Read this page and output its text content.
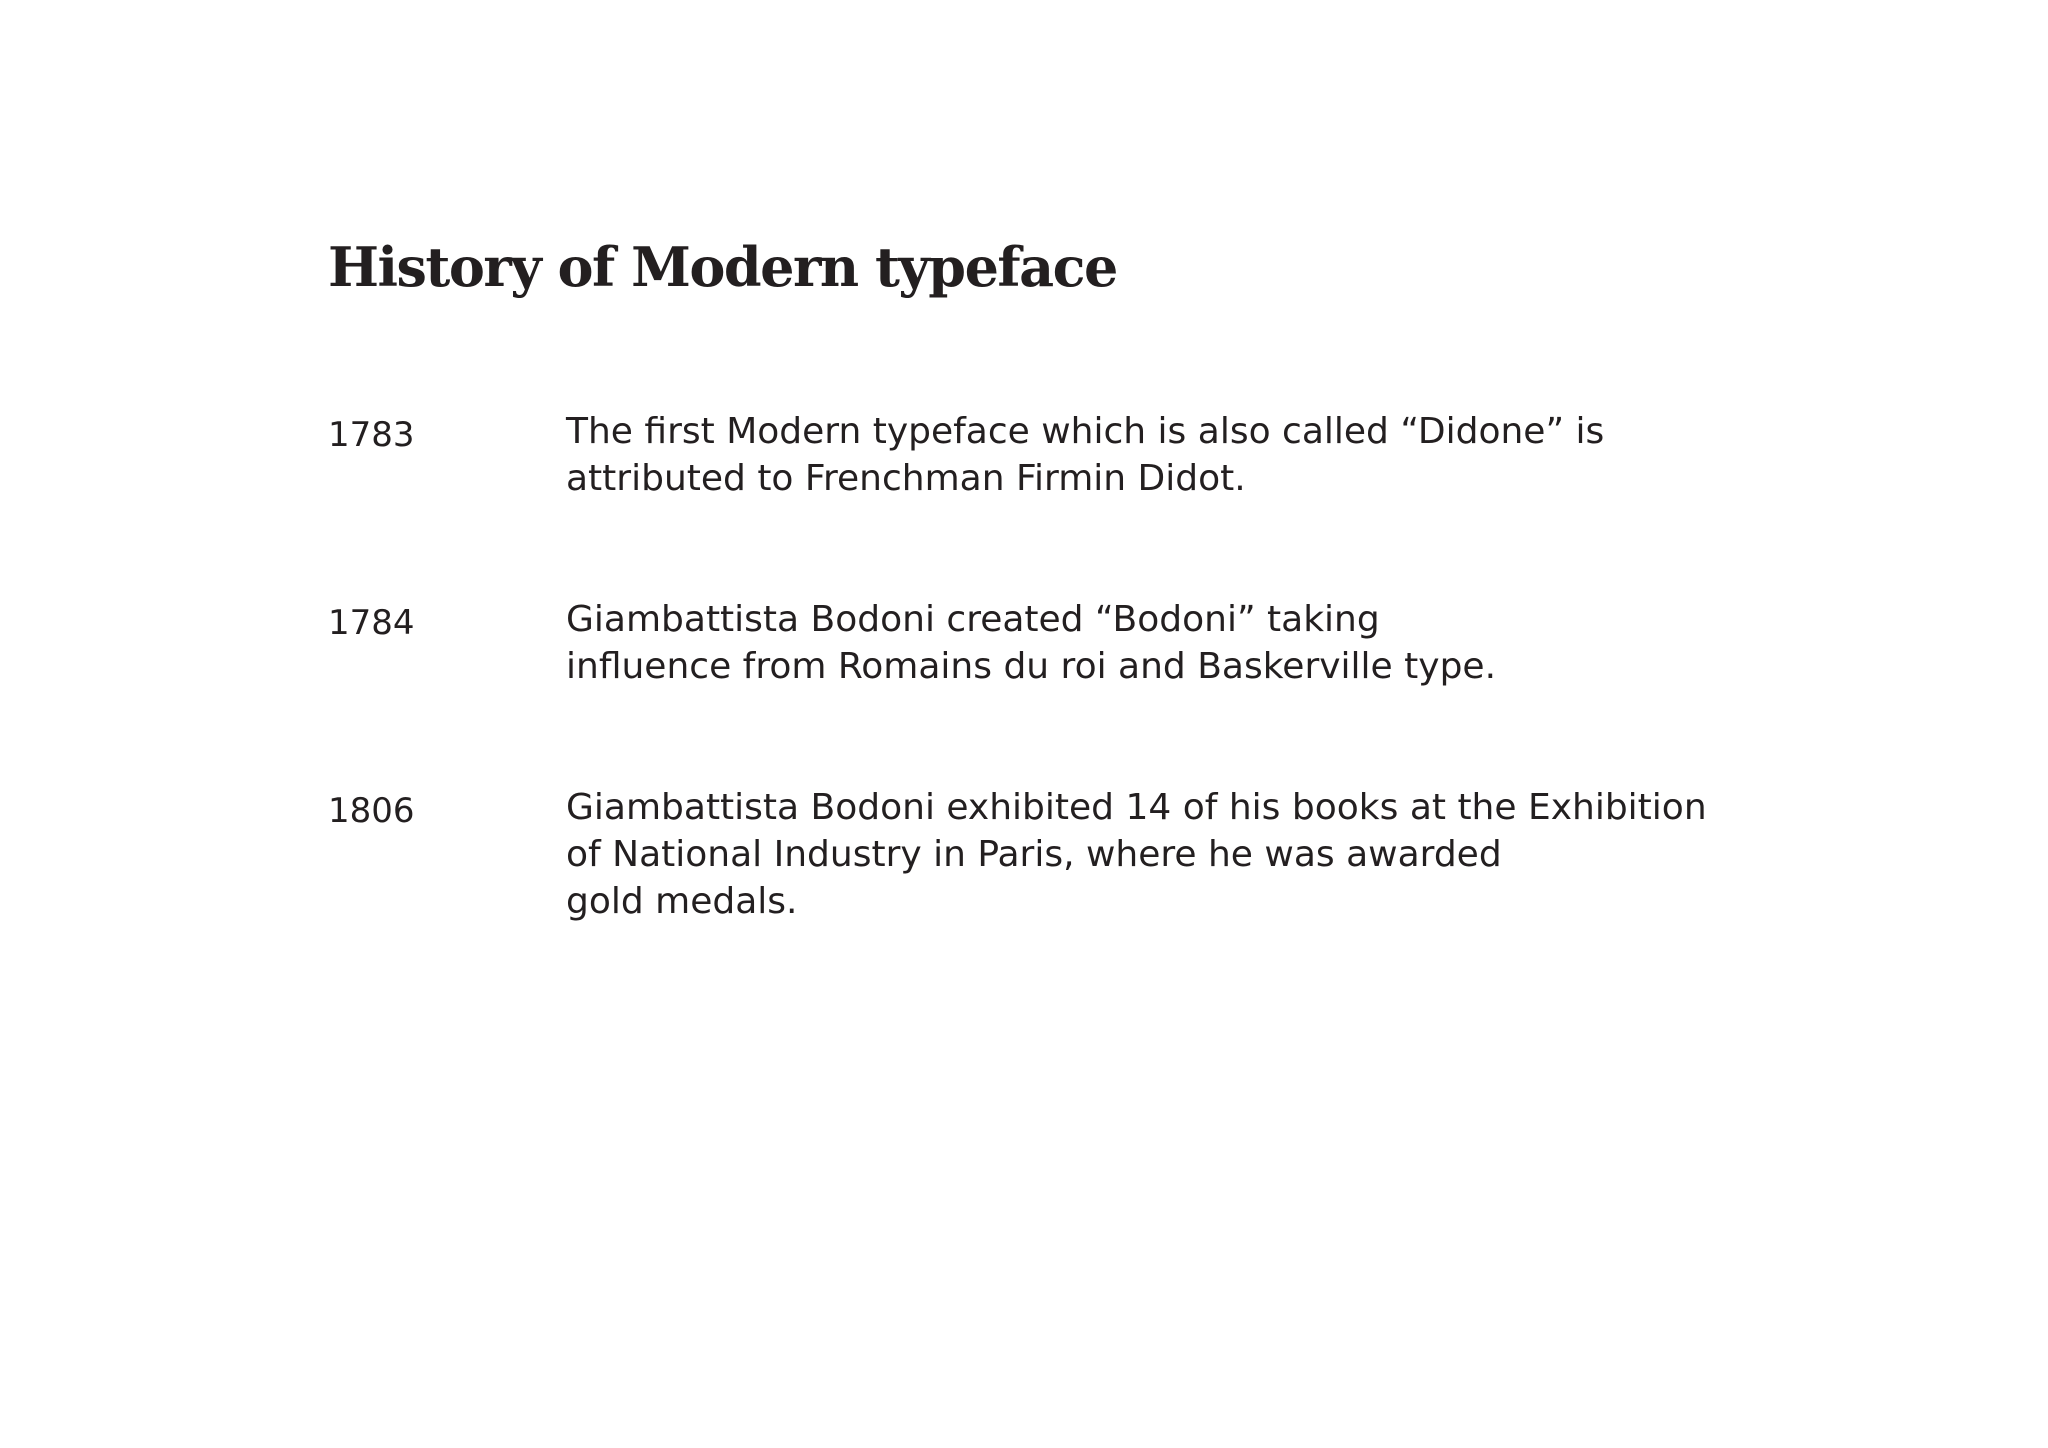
History of Modern typeface
1783	The first Modern typeface which is also called “Didone” is
attributed to Frenchman Firmin Didot.
1784	Giambattista Bodoni created “Bodoni” taking
influence from Romains du roi and Baskerville type.
1806	Giambattista Bodoni exhibited 14 of his books at the Exhibition
of National Industry in Paris, where he was awarded
gold medals.
